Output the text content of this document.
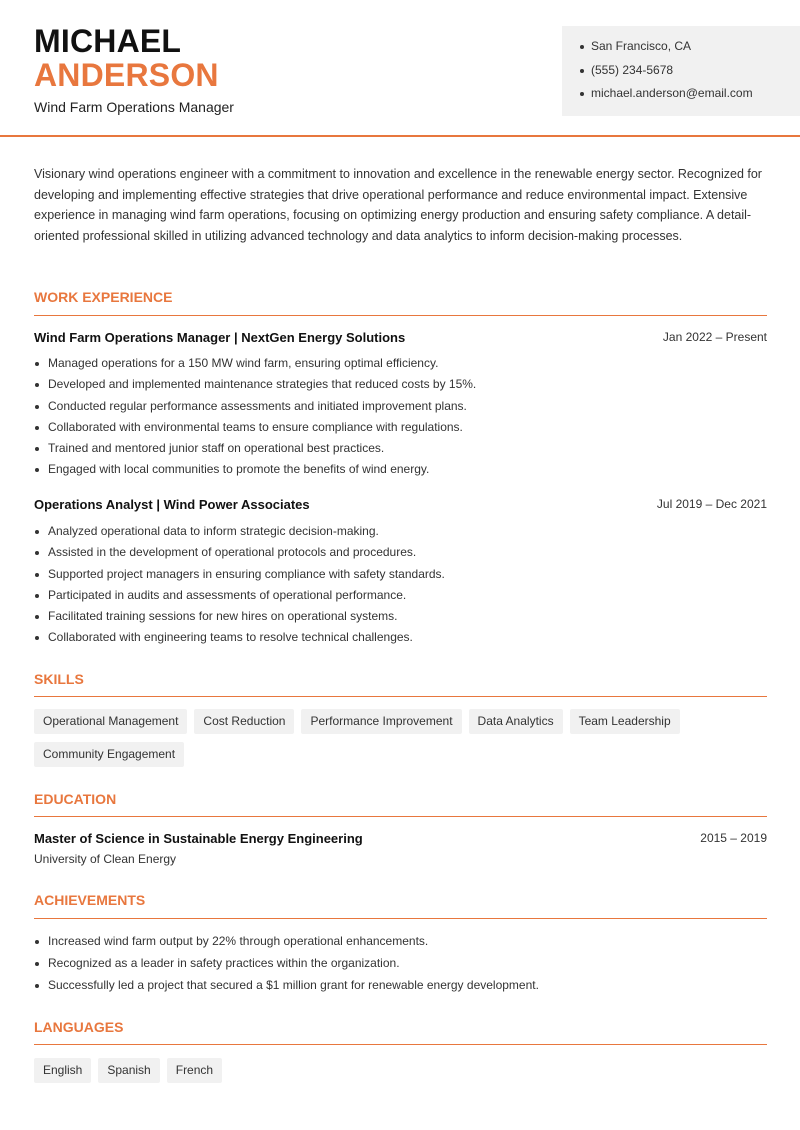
MICHAEL
ANDERSON
Wind Farm Operations Manager
San Francisco, CA
(555) 234-5678
michael.anderson@email.com
Visionary wind operations engineer with a commitment to innovation and excellence in the renewable energy sector. Recognized for developing and implementing effective strategies that drive operational performance and reduce environmental impact. Extensive experience in managing wind farm operations, focusing on optimizing energy production and ensuring safety compliance. A detail-oriented professional skilled in utilizing advanced technology and data analytics to inform decision-making processes.
WORK EXPERIENCE
Wind Farm Operations Manager | NextGen Energy Solutions	Jan 2022 – Present
Managed operations for a 150 MW wind farm, ensuring optimal efficiency.
Developed and implemented maintenance strategies that reduced costs by 15%.
Conducted regular performance assessments and initiated improvement plans.
Collaborated with environmental teams to ensure compliance with regulations.
Trained and mentored junior staff on operational best practices.
Engaged with local communities to promote the benefits of wind energy.
Operations Analyst | Wind Power Associates	Jul 2019 – Dec 2021
Analyzed operational data to inform strategic decision-making.
Assisted in the development of operational protocols and procedures.
Supported project managers in ensuring compliance with safety standards.
Participated in audits and assessments of operational performance.
Facilitated training sessions for new hires on operational systems.
Collaborated with engineering teams to resolve technical challenges.
SKILLS
Operational Management	Cost Reduction	Performance Improvement	Data Analytics	Team Leadership
Community Engagement
EDUCATION
Master of Science in Sustainable Energy Engineering	2015 – 2019
University of Clean Energy
ACHIEVEMENTS
Increased wind farm output by 22% through operational enhancements.
Recognized as a leader in safety practices within the organization.
Successfully led a project that secured a $1 million grant for renewable energy development.
LANGUAGES
English	Spanish	French
